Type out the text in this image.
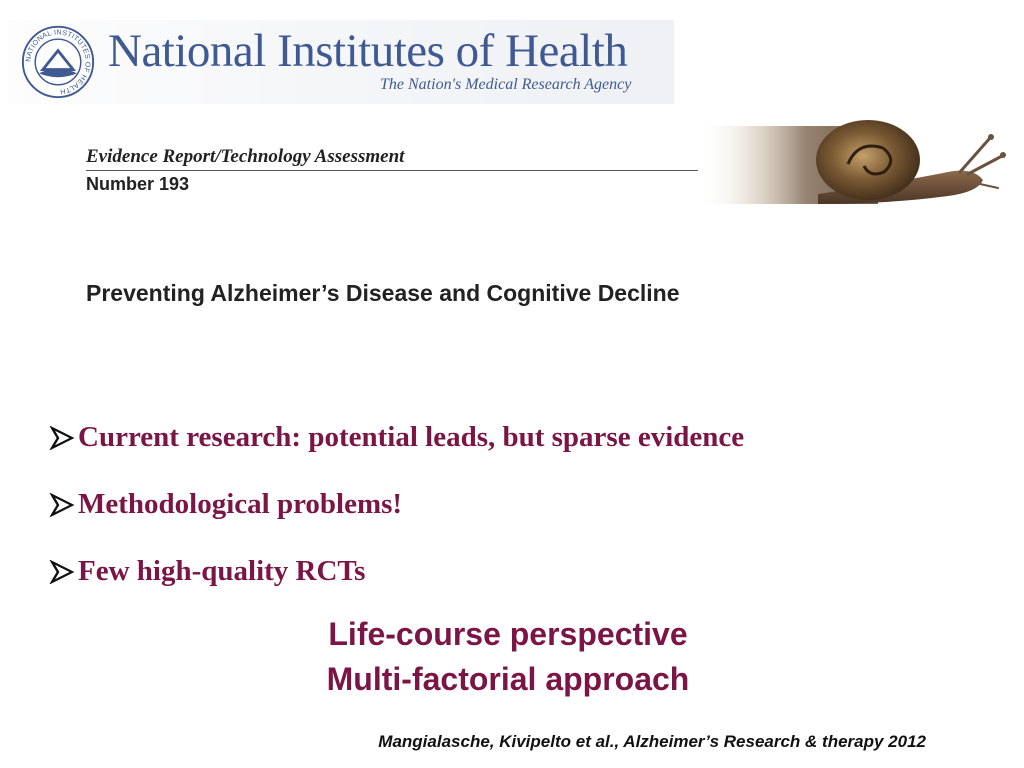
NATIONAL INSTITUTES OF HEALTH
National Institutes of Health
The Nation's Medical Research Agency
Evidence Report/Technology Assessment
Number 193
Preventing Alzheimer’s Disease and Cognitive Decline
Current research: potential leads, but sparse evidence
Methodological problems!
Few high-quality RCTs
Life-course perspective
Multi-factorial approach
Mangialasche, Kivipelto et al., Alzheimer’s Research & therapy 2012
